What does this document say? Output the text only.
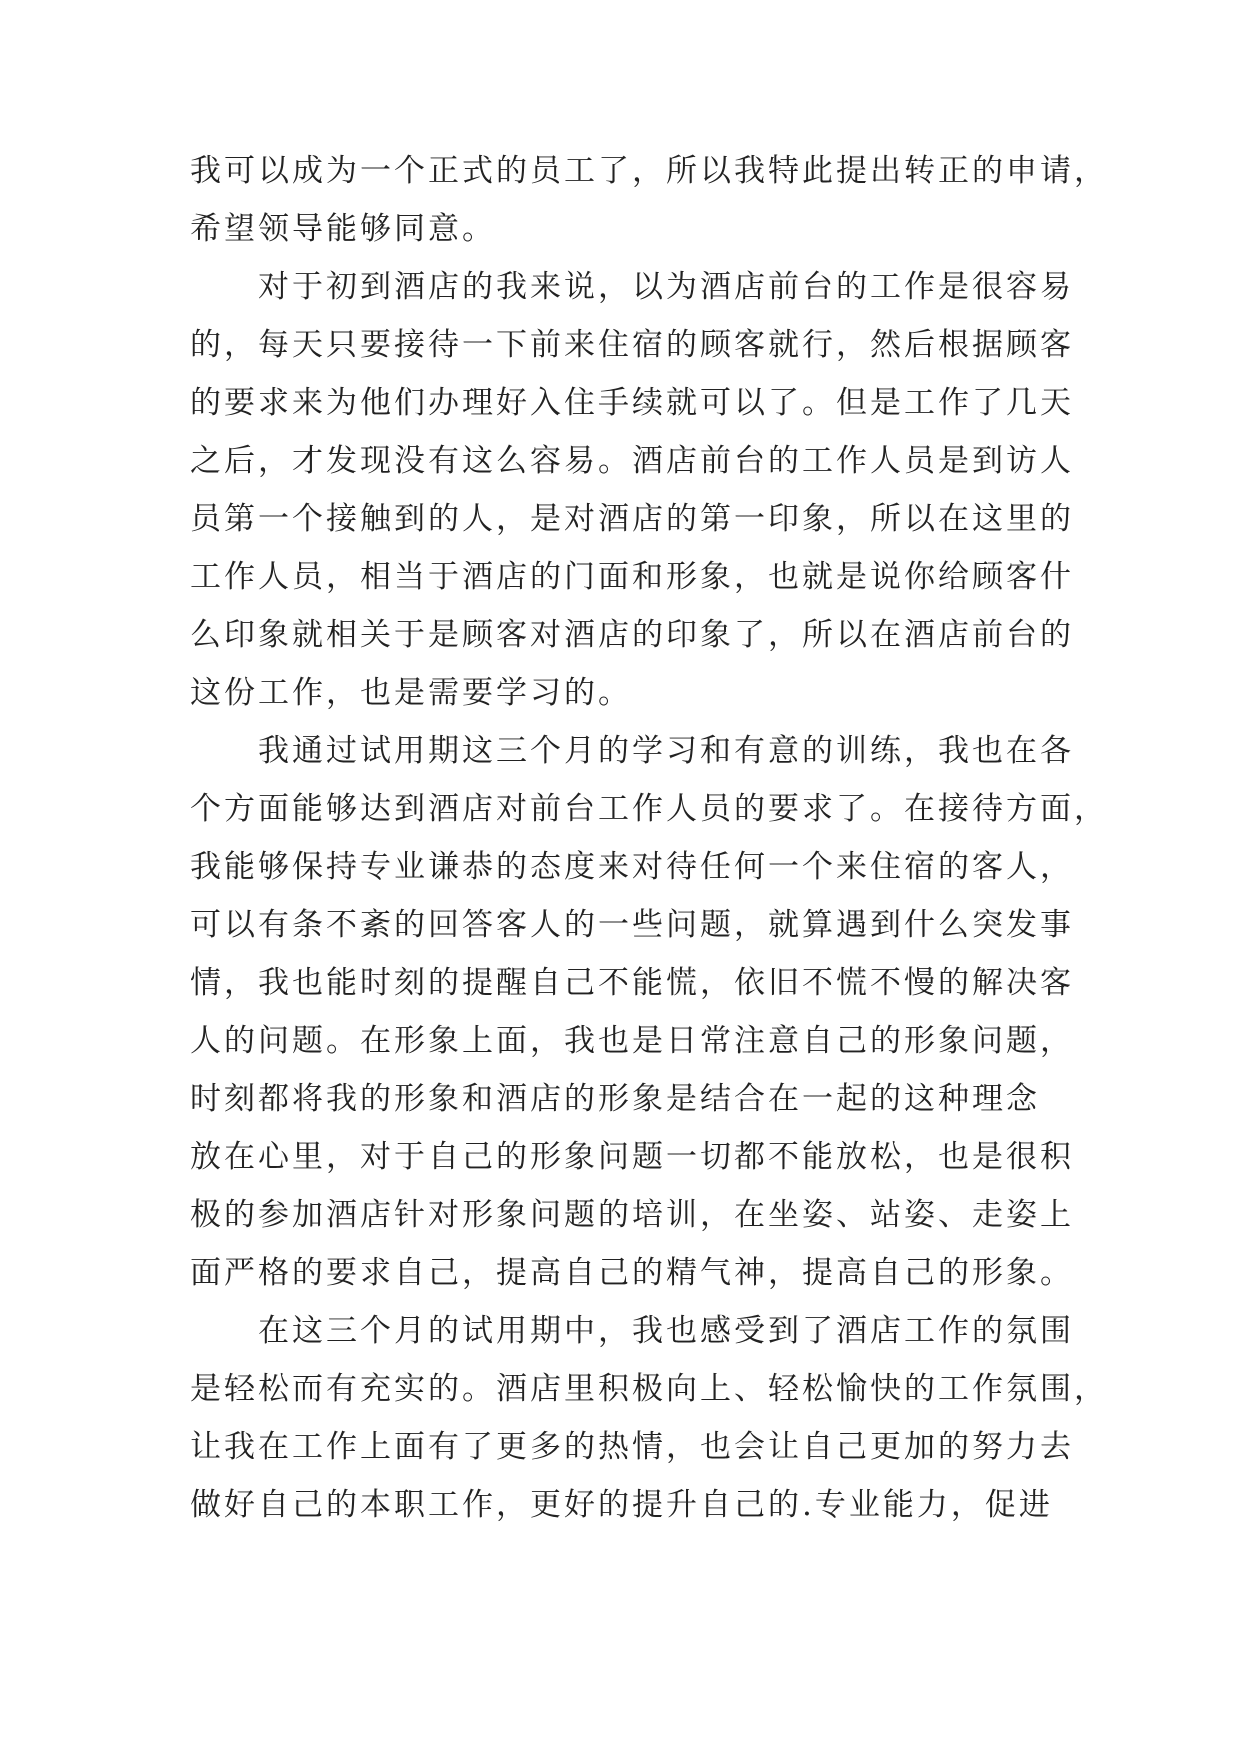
我可以成为一个正式的员工了，所以我特此提出转正的申请，
希望领导能够同意。
对于初到酒店的我来说，以为酒店前台的工作是很容易
的，每天只要接待一下前来住宿的顾客就行，然后根据顾客
的要求来为他们办理好入住手续就可以了。但是工作了几天
之后，才发现没有这么容易。酒店前台的工作人员是到访人
员第一个接触到的人，是对酒店的第一印象，所以在这里的
工作人员，相当于酒店的门面和形象，也就是说你给顾客什
么印象就相关于是顾客对酒店的印象了，所以在酒店前台的
这份工作，也是需要学习的。
我通过试用期这三个月的学习和有意的训练，我也在各
个方面能够达到酒店对前台工作人员的要求了。在接待方面，
我能够保持专业谦恭的态度来对待任何一个来住宿的客人，
可以有条不紊的回答客人的一些问题，就算遇到什么突发事
情，我也能时刻的提醒自己不能慌，依旧不慌不慢的解决客
人的问题。在形象上面，我也是日常注意自己的形象问题，
时刻都将我的形象和酒店的形象是结合在一起的这种理念
放在心里，对于自己的形象问题一切都不能放松，也是很积
极的参加酒店针对形象问题的培训，在坐姿、站姿、走姿上
面严格的要求自己，提高自己的精气神，提高自己的形象。
在这三个月的试用期中，我也感受到了酒店工作的氛围
是轻松而有充实的。酒店里积极向上、轻松愉快的工作氛围，
让我在工作上面有了更多的热情，也会让自己更加的努力去
做好自己的本职工作，更好的提升自己的.专业能力，促进
